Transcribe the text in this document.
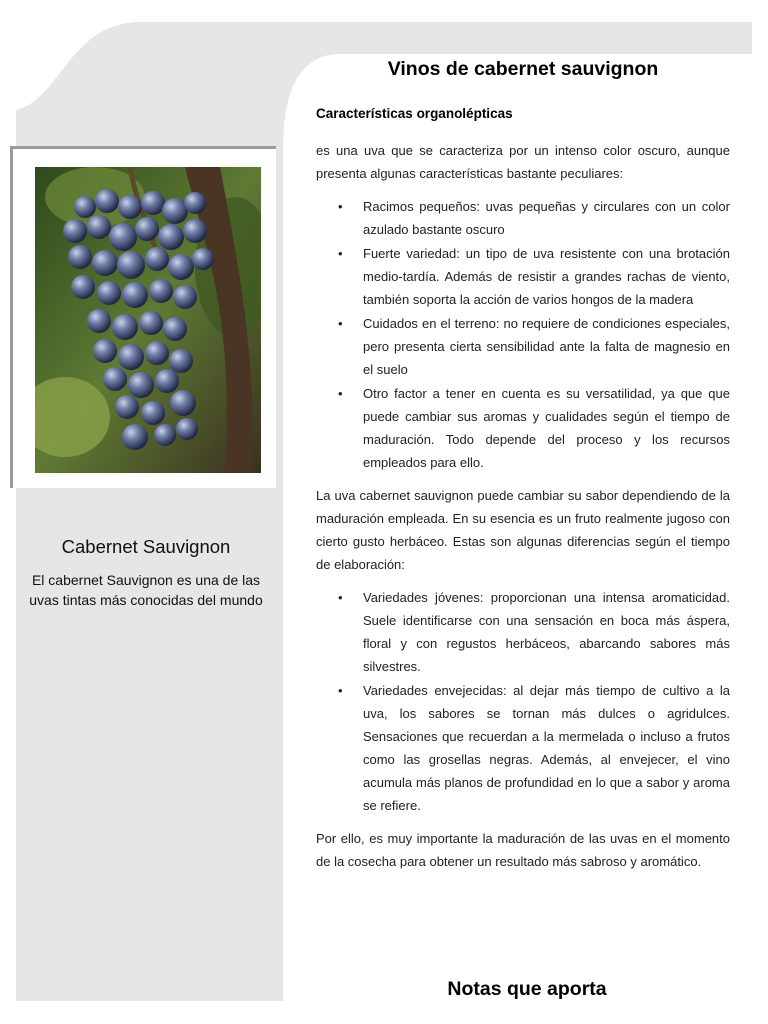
Cabernet Sauvignon

El cabernet Sauvignon es una de las uvas tintas más conocidas del mundo

Vinos de cabernet sauvignon
Características organolépticas

es una uva que se caracteriza por un intenso color oscuro, aunque presenta algunas características bastante peculiares:

• Racimos pequeños: uvas pequeñas y circulares con un color azulado bastante oscuro
• Fuerte variedad: un tipo de uva resistente con una brotación medio-tardía. Además de resistir a grandes rachas de viento, también soporta la acción de varios hongos de la madera
• Cuidados en el terreno: no requiere de condiciones especiales, pero presenta cierta sensibilidad ante la falta de magnesio en el suelo
• Otro factor a tener en cuenta es su versatilidad, ya que que puede cambiar sus aromas y cualidades según el tiempo de maduración. Todo depende del proceso y los recursos empleados para ello.

La uva cabernet sauvignon puede cambiar su sabor dependiendo de la maduración empleada. En su esencia es un fruto realmente jugoso con cierto gusto herbáceo. Estas son algunas diferencias según el tiempo de elaboración:

• Variedades jóvenes: proporcionan una intensa aromaticidad. Suele identificarse con una sensación en boca más áspera, floral y con regustos herbáceos, abarcando sabores más silvestres.
• Variedades envejecidas: al dejar más tiempo de cultivo a la uva, los sabores se tornan más dulces o agridulces. Sensaciones que recuerdan a la mermelada o incluso a frutos como las grosellas negras. Además, al envejecer, el vino acumula más planos de profundidad en lo que a sabor y aroma se refiere.

Por ello, es muy importante la maduración de las uvas en el momento de la cosecha para obtener un resultado más sabroso y aromático.

Notas que aporta
